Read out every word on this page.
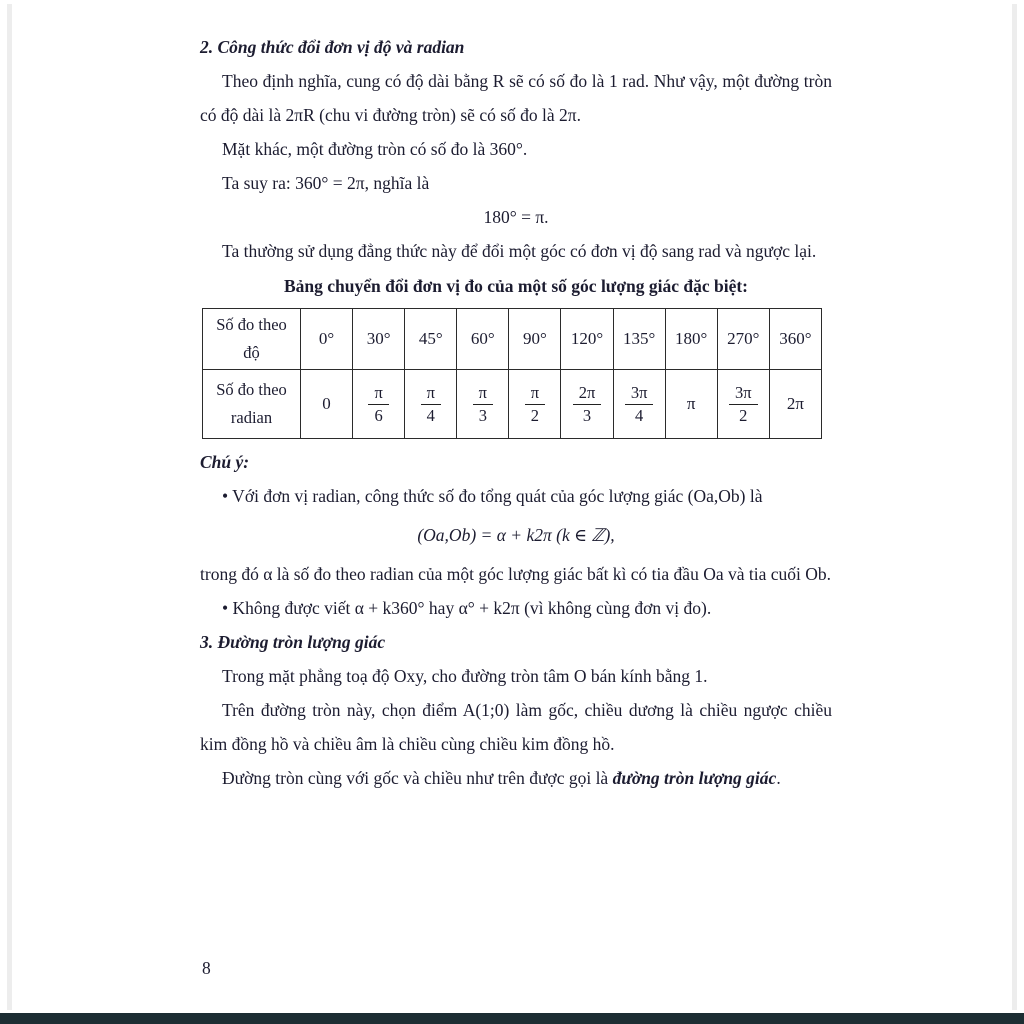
2. Công thức đổi đơn vị độ và radian

Theo định nghĩa, cung có độ dài bằng R sẽ có số đo là 1 rad. Như vậy, một đường tròn có độ dài là 2πR (chu vi đường tròn) sẽ có số đo là 2π.

Mặt khác, một đường tròn có số đo là 360°.

Ta suy ra: 360° = 2π, nghĩa là

180° = π.

Ta thường sử dụng đẳng thức này để đổi một góc có đơn vị độ sang rad và ngược lại.

Bảng chuyển đổi đơn vị đo của một số góc lượng giác đặc biệt:

Số đo theo
độ	0°	30°	45°	60°	90°	120°	135°	180°	270°	360°

Số đo theo
radian	0	$\frac{\pi}{6}$	$\frac{\pi}{4}$	$\frac{\pi}{3}$	$\frac{\pi}{2}$	$\frac{2\pi}{3}$	$\frac{3\pi}{4}$	π	$\frac{3\pi}{2}$	2π

Chú ý:

• Với đơn vị radian, công thức số đo tổng quát của góc lượng giác (Oa,Ob) là

(Oa,Ob) = α + k2π (k ∈ ℤ),

trong đó α là số đo theo radian của một góc lượng giác bất kì có tia đầu Oa và tia cuối Ob.

• Không được viết α + k360° hay α° + k2π (vì không cùng đơn vị đo).

3. Đường tròn lượng giác

Trong mặt phẳng toạ độ Oxy, cho đường tròn tâm O bán kính bằng 1.

Trên đường tròn này, chọn điểm A(1;0) làm gốc, chiều dương là chiều ngược chiều kim đồng hồ và chiều âm là chiều cùng chiều kim đồng hồ.

Đường tròn cùng với gốc và chiều như trên được gọi là đường tròn lượng giác.

8
